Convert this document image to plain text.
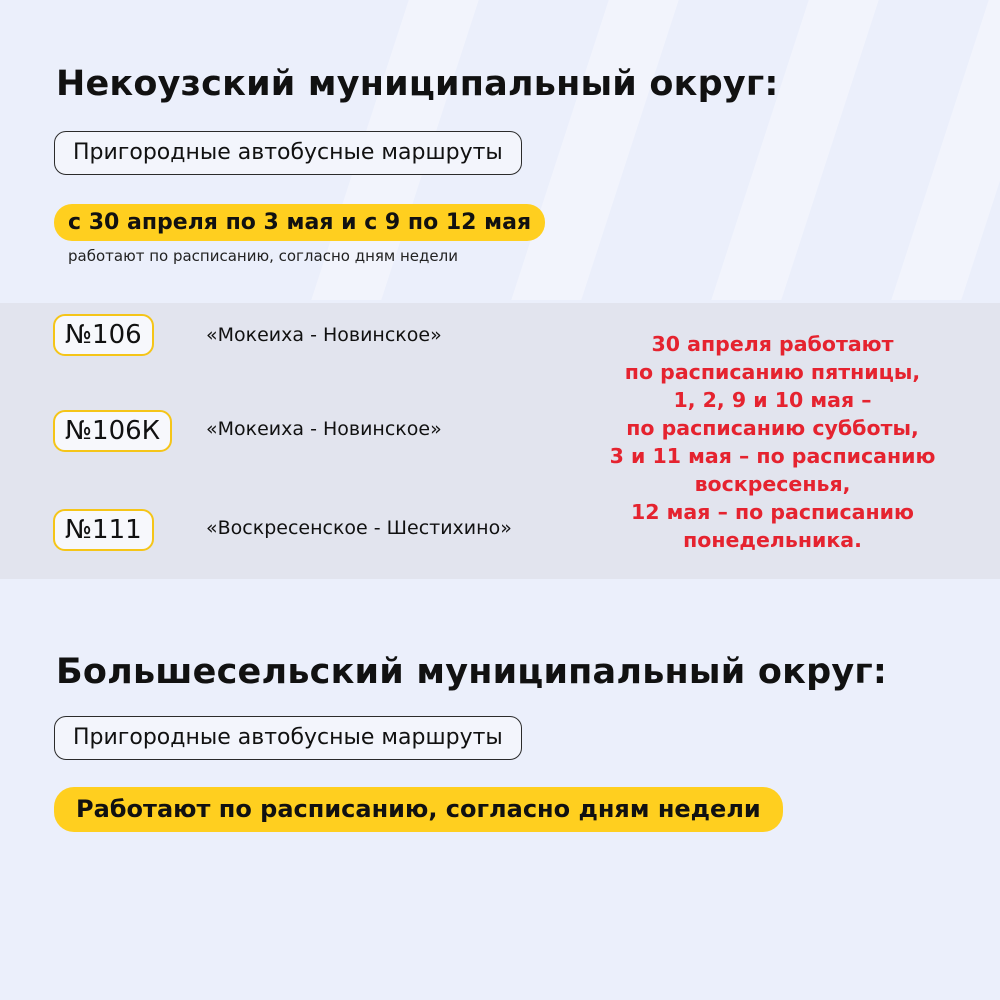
Некоузский муниципальный округ:
Пригородные автобусные маршруты
с 30 апреля по 3 мая и с 9 по 12 мая
работают по расписанию, согласно дням недели
№106	«Мокеиха - Новинское»
№106К	«Мокеиха - Новинское»
№111	«Воскресенское - Шестихино»
30 апреля работают
по расписанию пятницы,
1, 2, 9 и 10 мая –
по расписанию субботы,
3 и 11 мая – по расписанию
воскресенья,
12 мая – по расписанию
понедельника.
Большесельский муниципальный округ:
Пригородные автобусные маршруты
Работают по расписанию, согласно дням недели
